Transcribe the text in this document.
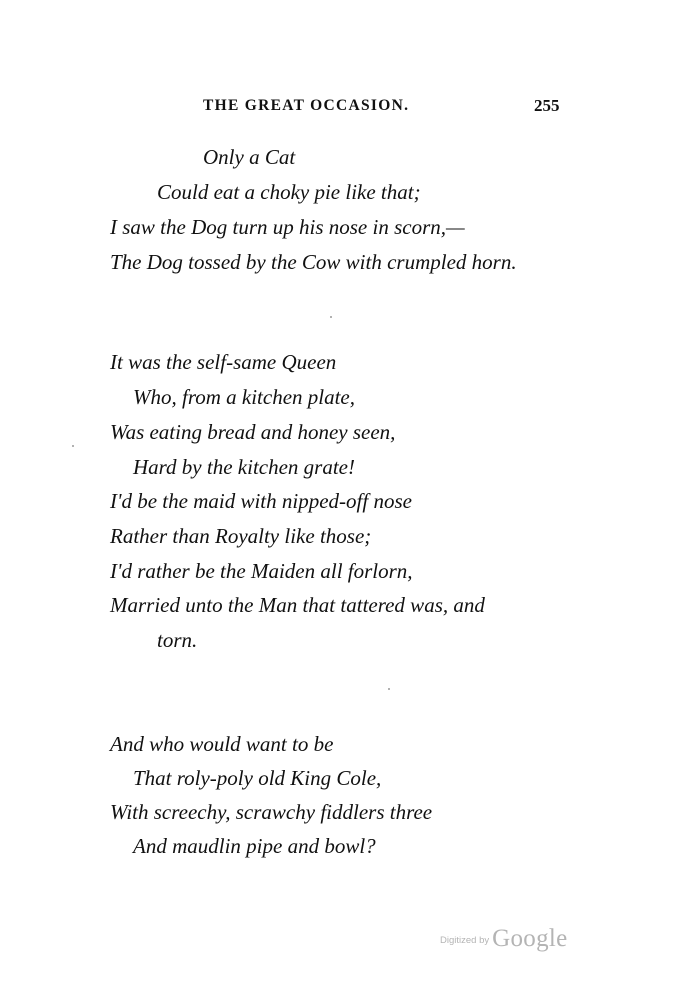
THE GREAT OCCASION.	255
Only a Cat
Could eat a choky pie like that;
I saw the Dog turn up his nose in scorn,—
The Dog tossed by the Cow with crumpled horn.
It was the self-same Queen
Who, from a kitchen plate,
Was eating bread and honey seen,
Hard by the kitchen grate!
I'd be the maid with nipped-off nose
Rather than Royalty like those;
I'd rather be the Maiden all forlorn,
Married unto the Man that tattered was, and
torn.
And who would want to be
That roly-poly old King Cole,
With screechy, scrawchy fiddlers three
And maudlin pipe and bowl?
Digitized by Google
